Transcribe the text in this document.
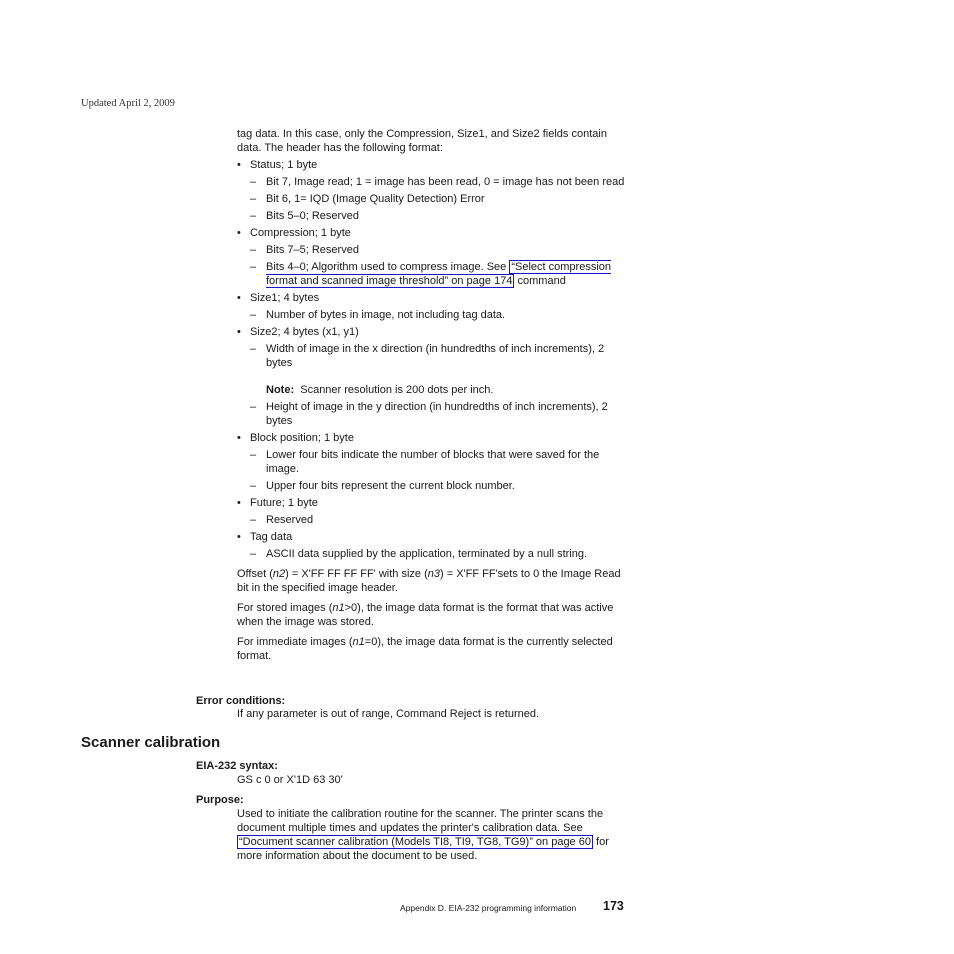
Updated April 2, 2009

tag data. In this case, only the Compression, Size1, and Size2 fields contain data. The header has the following format:

• Status; 1 byte
– Bit 7, Image read; 1 = image has been read, 0 = image has not been read
– Bit 6, 1= IQD (Image Quality Detection) Error
– Bits 5–0; Reserved
• Compression; 1 byte
– Bits 7–5; Reserved
– Bits 4–0; Algorithm used to compress image. See “Select compression format and scanned image threshold” on page 174 command
• Size1; 4 bytes
– Number of bytes in image, not including tag data.
• Size2; 4 bytes (x1, y1)
– Width of image in the x direction (in hundredths of inch increments), 2 bytes
Note: Scanner resolution is 200 dots per inch.
– Height of image in the y direction (in hundredths of inch increments), 2 bytes
• Block position; 1 byte
– Lower four bits indicate the number of blocks that were saved for the image.
– Upper four bits represent the current block number.
• Future; 1 byte
– Reserved
• Tag data
– ASCII data supplied by the application, terminated by a null string.

Offset (n2) = X'FF FF FF FF' with size (n3) = X'FF FF'sets to 0 the Image Read bit in the specified image header.

For stored images (n1>0), the image data format is the format that was active when the image was stored.

For immediate images (n1=0), the image data format is the currently selected format.

Error conditions:
If any parameter is out of range, Command Reject is returned.
Scanner calibration
EIA-232 syntax:
GS c 0 or X'1D 63 30'
Purpose:
Used to initiate the calibration routine for the scanner. The printer scans the document multiple times and updates the printer's calibration data. See “Document scanner calibration (Models TI8, TI9, TG8, TG9)” on page 60 for more information about the document to be used.
Appendix D. EIA-232 programming information 173
